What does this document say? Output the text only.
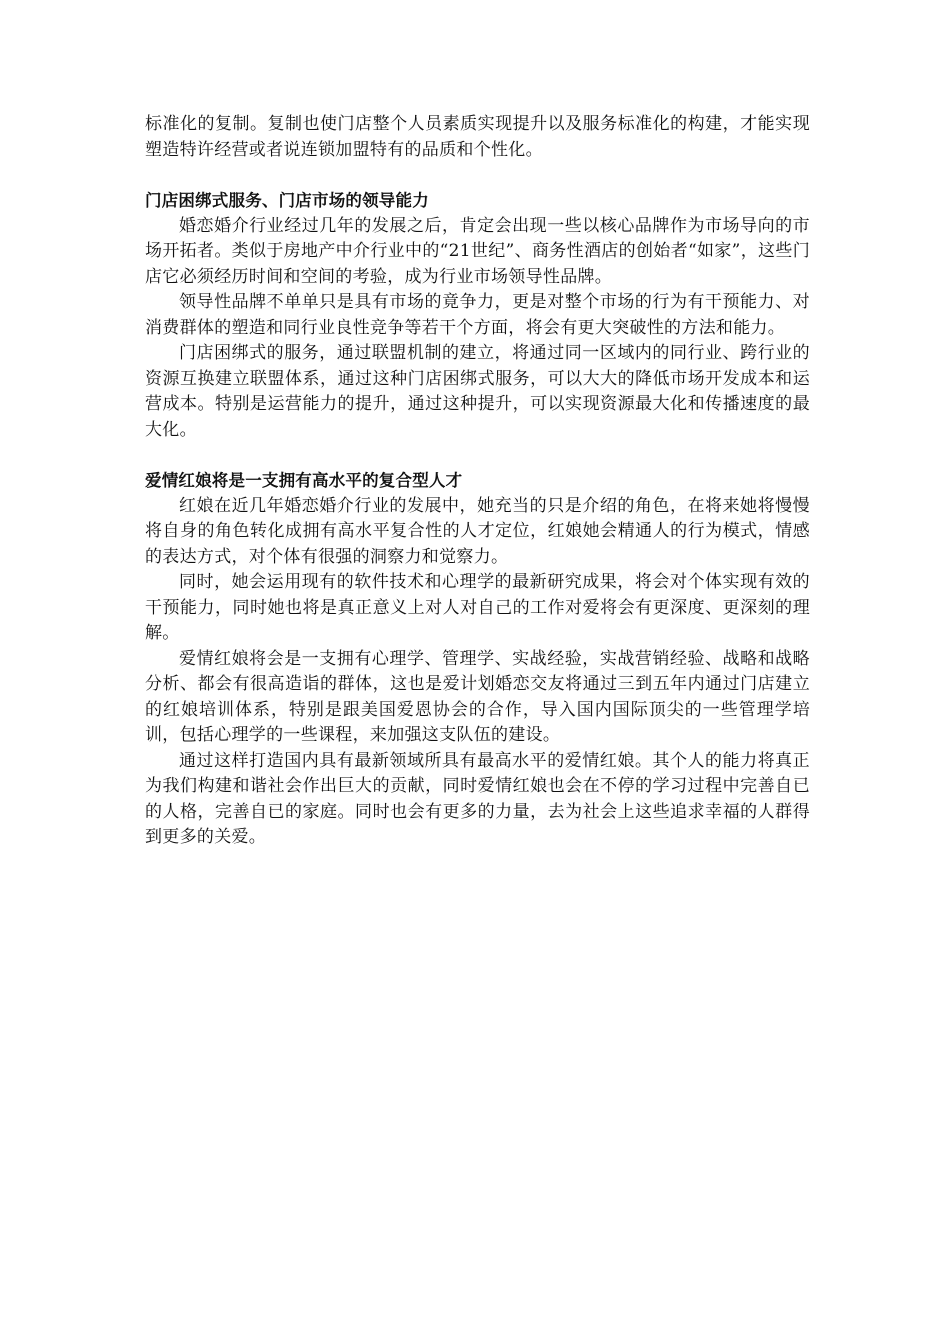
标准化的复制。复制也使门店整个人员素质实现提升以及服务标准化的构建，才能实现塑造特许经营或者说连锁加盟特有的品质和个性化。

门店困绑式服务、门店市场的领导能力

婚恋婚介行业经过几年的发展之后，肯定会出现一些以核心品牌作为市场导向的市场开拓者。类似于房地产中介行业中的“21世纪”、商务性酒店的创始者“如家”，这些门店它必须经历时间和空间的考验，成为行业市场领导性品牌。

领导性品牌不单单只是具有市场的竟争力，更是对整个市场的行为有干预能力、对消费群体的塑造和同行业良性竞争等若干个方面，将会有更大突破性的方法和能力。

门店困绑式的服务，通过联盟机制的建立，将通过同一区域内的同行业、跨行业的资源互换建立联盟体系，通过这种门店困绑式服务，可以大大的降低市场开发成本和运营成本。特别是运营能力的提升，通过这种提升，可以实现资源最大化和传播速度的最大化。

爱情红娘将是一支拥有高水平的复合型人才

红娘在近几年婚恋婚介行业的发展中，她充当的只是介绍的角色，在将来她将慢慢将自身的角色转化成拥有高水平复合性的人才定位，红娘她会精通人的行为模式，情感的表达方式，对个体有很强的洞察力和觉察力。

同时，她会运用现有的软件技术和心理学的最新研究成果，将会对个体实现有效的干预能力，同时她也将是真正意义上对人对自己的工作对爱将会有更深度、更深刻的理解。

爱情红娘将会是一支拥有心理学、管理学、实战经验，实战营销经验、战略和战略分析、都会有很高造诣的群体，这也是爱计划婚恋交友将通过三到五年内通过门店建立的红娘培训体系，特别是跟美国爱恩协会的合作，导入国内国际顶尖的一些管理学培训，包括心理学的一些课程，来加强这支队伍的建设。

通过这样打造国内具有最新领域所具有最高水平的爱情红娘。其个人的能力将真正为我们构建和谐社会作出巨大的贡献，同时爱情红娘也会在不停的学习过程中完善自已的人格，完善自已的家庭。同时也会有更多的力量，去为社会上这些追求幸福的人群得到更多的关爱。
